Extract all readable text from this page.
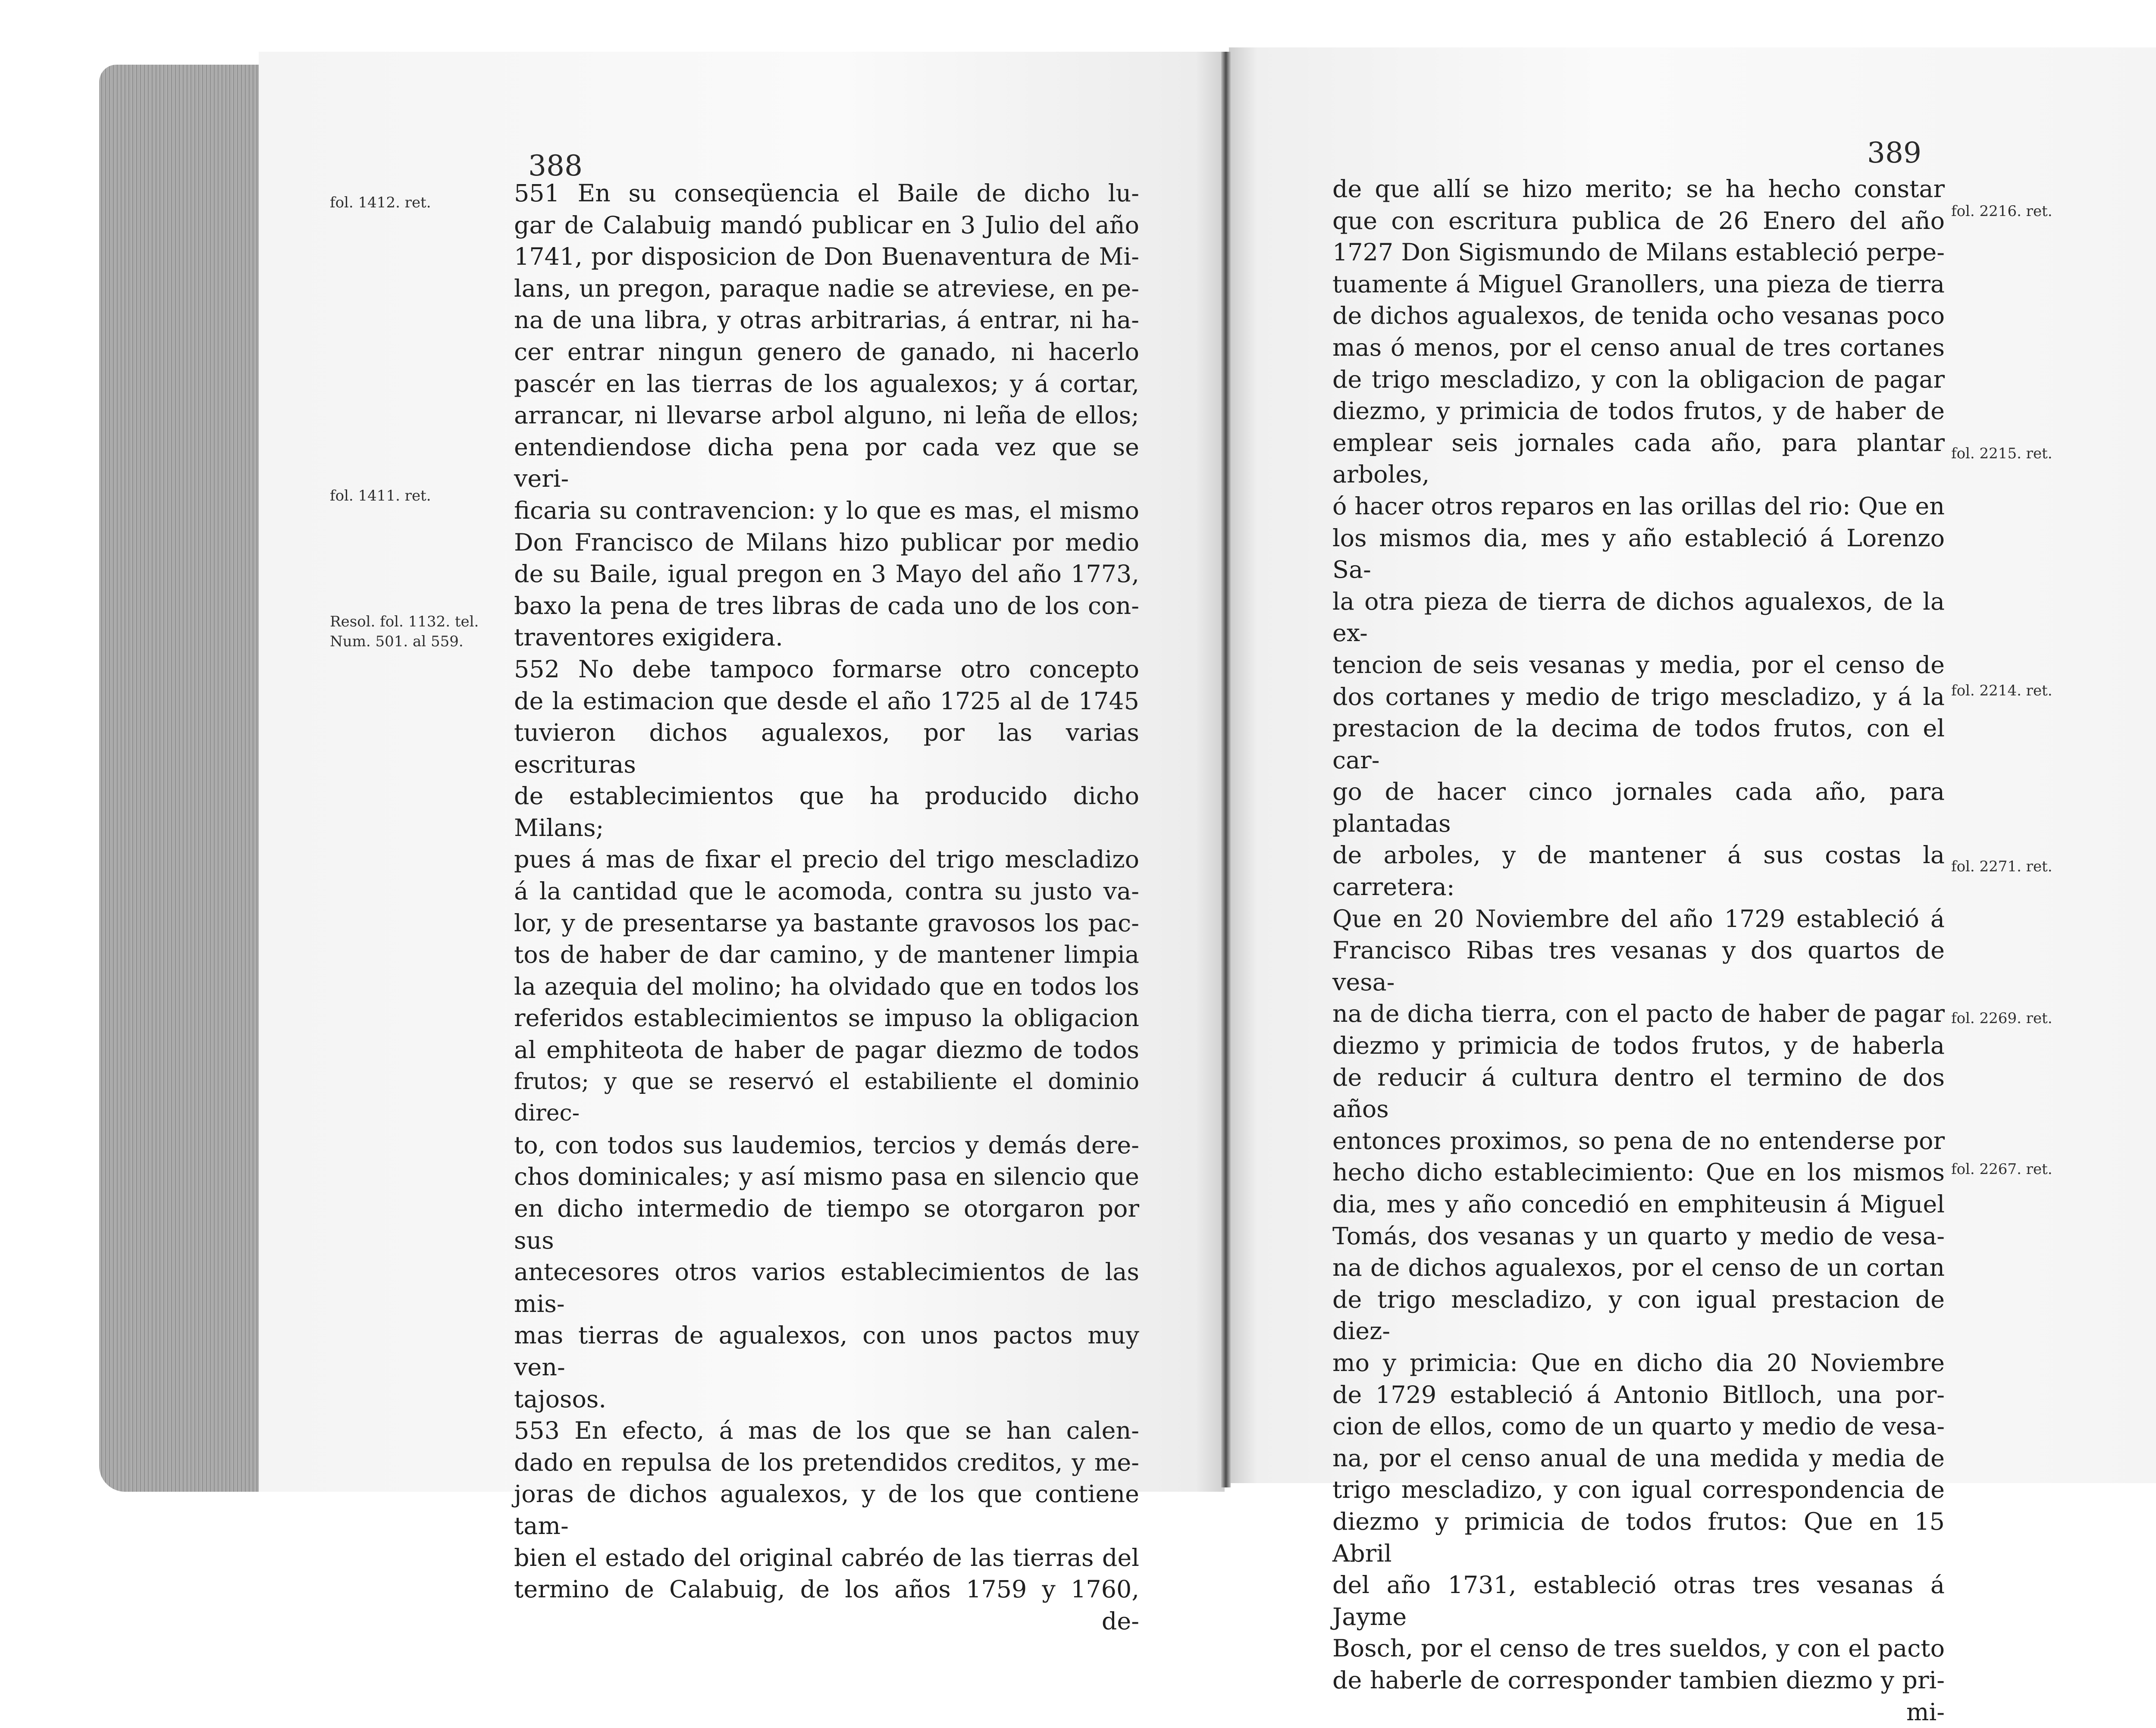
388
fol. 1412. ret.
fol. 1411. ret.
Resol. fol. 1132. tel.
Num. 501. al 559.
551 En su conseqüencia el Baile de dicho lu-
gar de Calabuig mandó publicar en 3 Julio del año
1741, por disposicion de Don Buenaventura de Mi-
lans, un pregon, paraque nadie se atreviese, en pe-
na de una libra, y otras arbitrarias, á entrar, ni ha-
cer entrar ningun genero de ganado, ni hacerlo
pascér en las tierras de los agualexos; y á cortar,
arrancar, ni llevarse arbol alguno, ni leña de ellos;
entendiendose dicha pena por cada vez que se veri-
ficaria su contravencion: y lo que es mas, el mismo
Don Francisco de Milans hizo publicar por medio
de su Baile, igual pregon en 3 Mayo del año 1773,
baxo la pena de tres libras de cada uno de los con-
traventores exigidera.
552 No debe tampoco formarse otro concepto
de la estimacion que desde el año 1725 al de 1745
tuvieron dichos agualexos, por las varias escrituras
de establecimientos que ha producido dicho Milans;
pues á mas de fixar el precio del trigo mescladizo
á la cantidad que le acomoda, contra su justo va-
lor, y de presentarse ya bastante gravosos los pac-
tos de haber de dar camino, y de mantener limpia
la azequia del molino; ha olvidado que en todos los
referidos establecimientos se impuso la obligacion
al emphiteota de haber de pagar diezmo de todos
frutos; y que se reservó el estabiliente el dominio direc-
to, con todos sus laudemios, tercios y demás dere-
chos dominicales; y así mismo pasa en silencio que
en dicho intermedio de tiempo se otorgaron por sus
antecesores otros varios establecimientos de las mis-
mas tierras de agualexos, con unos pactos muy ven-
tajosos.
553 En efecto, á mas de los que se han calen-
dado en repulsa de los pretendidos creditos, y me-
joras de dichos agualexos, y de los que contiene tam-
bien el estado del original cabréo de las tierras del
termino de Calabuig, de los años 1759 y 1760,
de-
389
fol. 2216. ret.
fol. 2215. ret.
fol. 2214. ret.
fol. 2271. ret.
fol. 2269. ret.
fol. 2267. ret.
de que allí se hizo merito; se ha hecho constar
que con escritura publica de 26 Enero del año
1727 Don Sigismundo de Milans estableció perpe-
tuamente á Miguel Granollers, una pieza de tierra
de dichos agualexos, de tenida ocho vesanas poco
mas ó menos, por el censo anual de tres cortanes
de trigo mescladizo, y con la obligacion de pagar
diezmo, y primicia de todos frutos, y de haber de
emplear seis jornales cada año, para plantar arboles,
ó hacer otros reparos en las orillas del rio: Que en
los mismos dia, mes y año estableció á Lorenzo Sa-
la otra pieza de tierra de dichos agualexos, de la ex-
tencion de seis vesanas y media, por el censo de
dos cortanes y medio de trigo mescladizo, y á la
prestacion de la decima de todos frutos, con el car-
go de hacer cinco jornales cada año, para plantadas
de arboles, y de mantener á sus costas la carretera:
Que en 20 Noviembre del año 1729 estableció á
Francisco Ribas tres vesanas y dos quartos de vesa-
na de dicha tierra, con el pacto de haber de pagar
diezmo y primicia de todos frutos, y de haberla
de reducir á cultura dentro el termino de dos años
entonces proximos, so pena de no entenderse por
hecho dicho establecimiento: Que en los mismos
dia, mes y año concedió en emphiteusin á Miguel
Tomás, dos vesanas y un quarto y medio de vesa-
na de dichos agualexos, por el censo de un cortan
de trigo mescladizo, y con igual prestacion de diez-
mo y primicia: Que en dicho dia 20 Noviembre
de 1729 estableció á Antonio Bitlloch, una por-
cion de ellos, como de un quarto y medio de vesa-
na, por el censo anual de una medida y media de
trigo mescladizo, y con igual correspondencia de
diezmo y primicia de todos frutos: Que en 15 Abril
del año 1731, estableció otras tres vesanas á Jayme
Bosch, por el censo de tres sueldos, y con el pacto
de haberle de corresponder tambien diezmo y pri-
mi-
